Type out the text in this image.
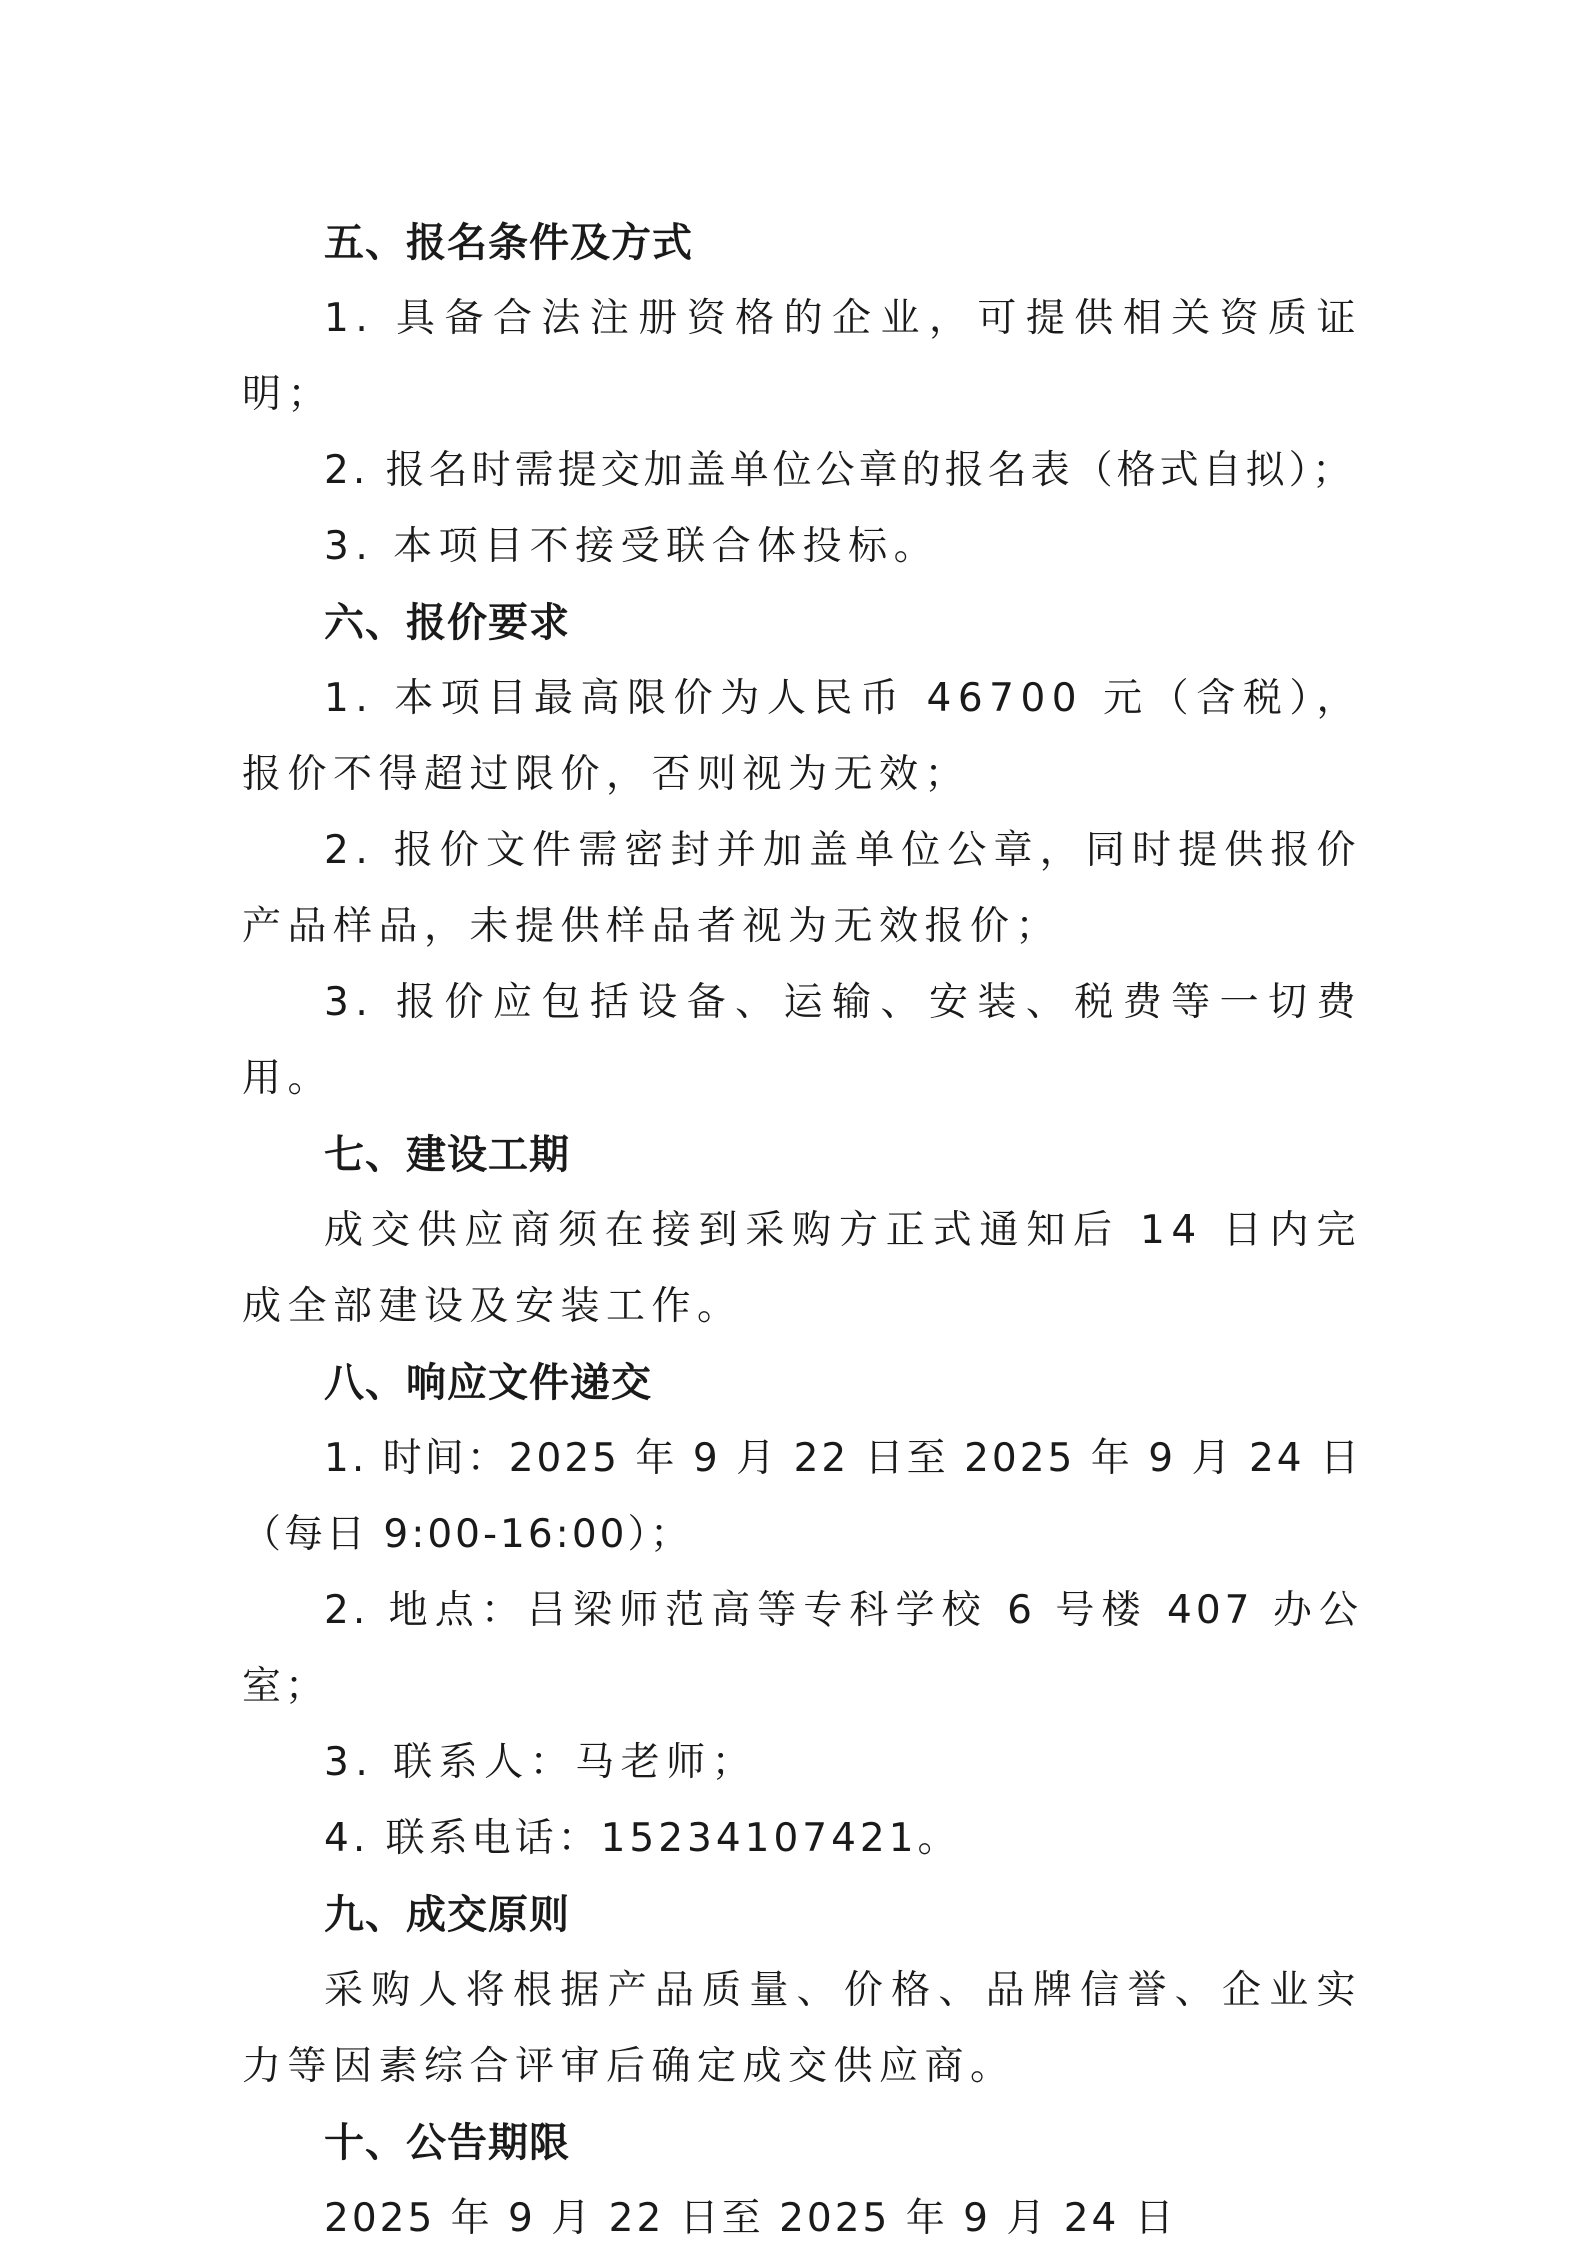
五、报名条件及方式

1. 具备合法注册资格的企业，可提供相关资质证明；

2. 报名时需提交加盖单位公章的报名表（格式自拟）；

3. 本项目不接受联合体投标。

六、报价要求

1. 本项目最高限价为人民币 46700 元（含税），报价不得超过限价，否则视为无效；

2. 报价文件需密封并加盖单位公章，同时提供报价产品样品，未提供样品者视为无效报价；

3. 报价应包括设备、运输、安装、税费等一切费用。

七、建设工期

成交供应商须在接到采购方正式通知后 14 日内完成全部建设及安装工作。

八、响应文件递交

1. 时间：2025 年 9 月 22 日至 2025 年 9 月 24 日（每日 9:00-16:00）；

2. 地点：吕梁师范高等专科学校 6 号楼 407 办公室；

3. 联系人：马老师；

4. 联系电话：15234107421。

九、成交原则

采购人将根据产品质量、价格、品牌信誉、企业实力等因素综合评审后确定成交供应商。

十、公告期限

2025 年 9 月 22 日至 2025 年 9 月 24 日
